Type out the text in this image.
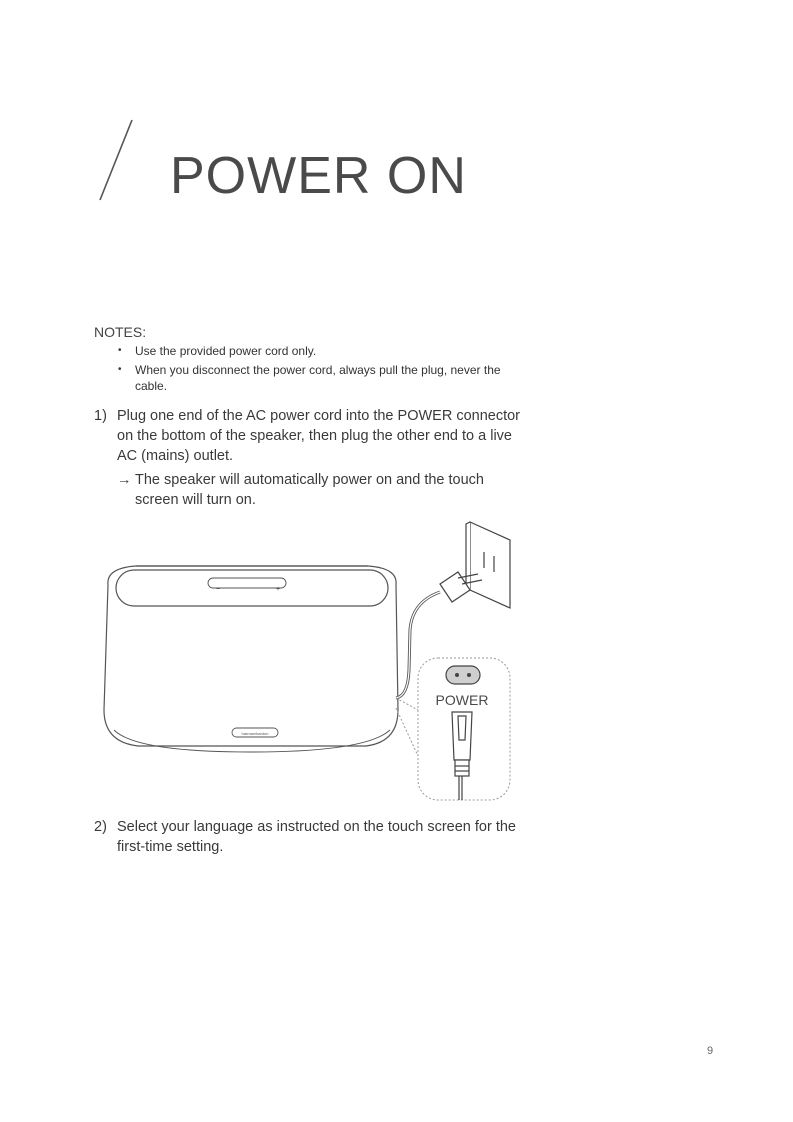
POWER ON
NOTES:
•	Use the provided power cord only.
•	When you disconnect the power cord, always pull the plug, never the cable.
1) Plug one end of the AC power cord into the POWER connector on the bottom of the speaker, then plug the other end to a live AC (mains) outlet.
→ The speaker will automatically power on and the touch screen will turn on.
−	+
harman/kardon
POWER
2) Select your language as instructed on the touch screen for the first-time setting.
9
